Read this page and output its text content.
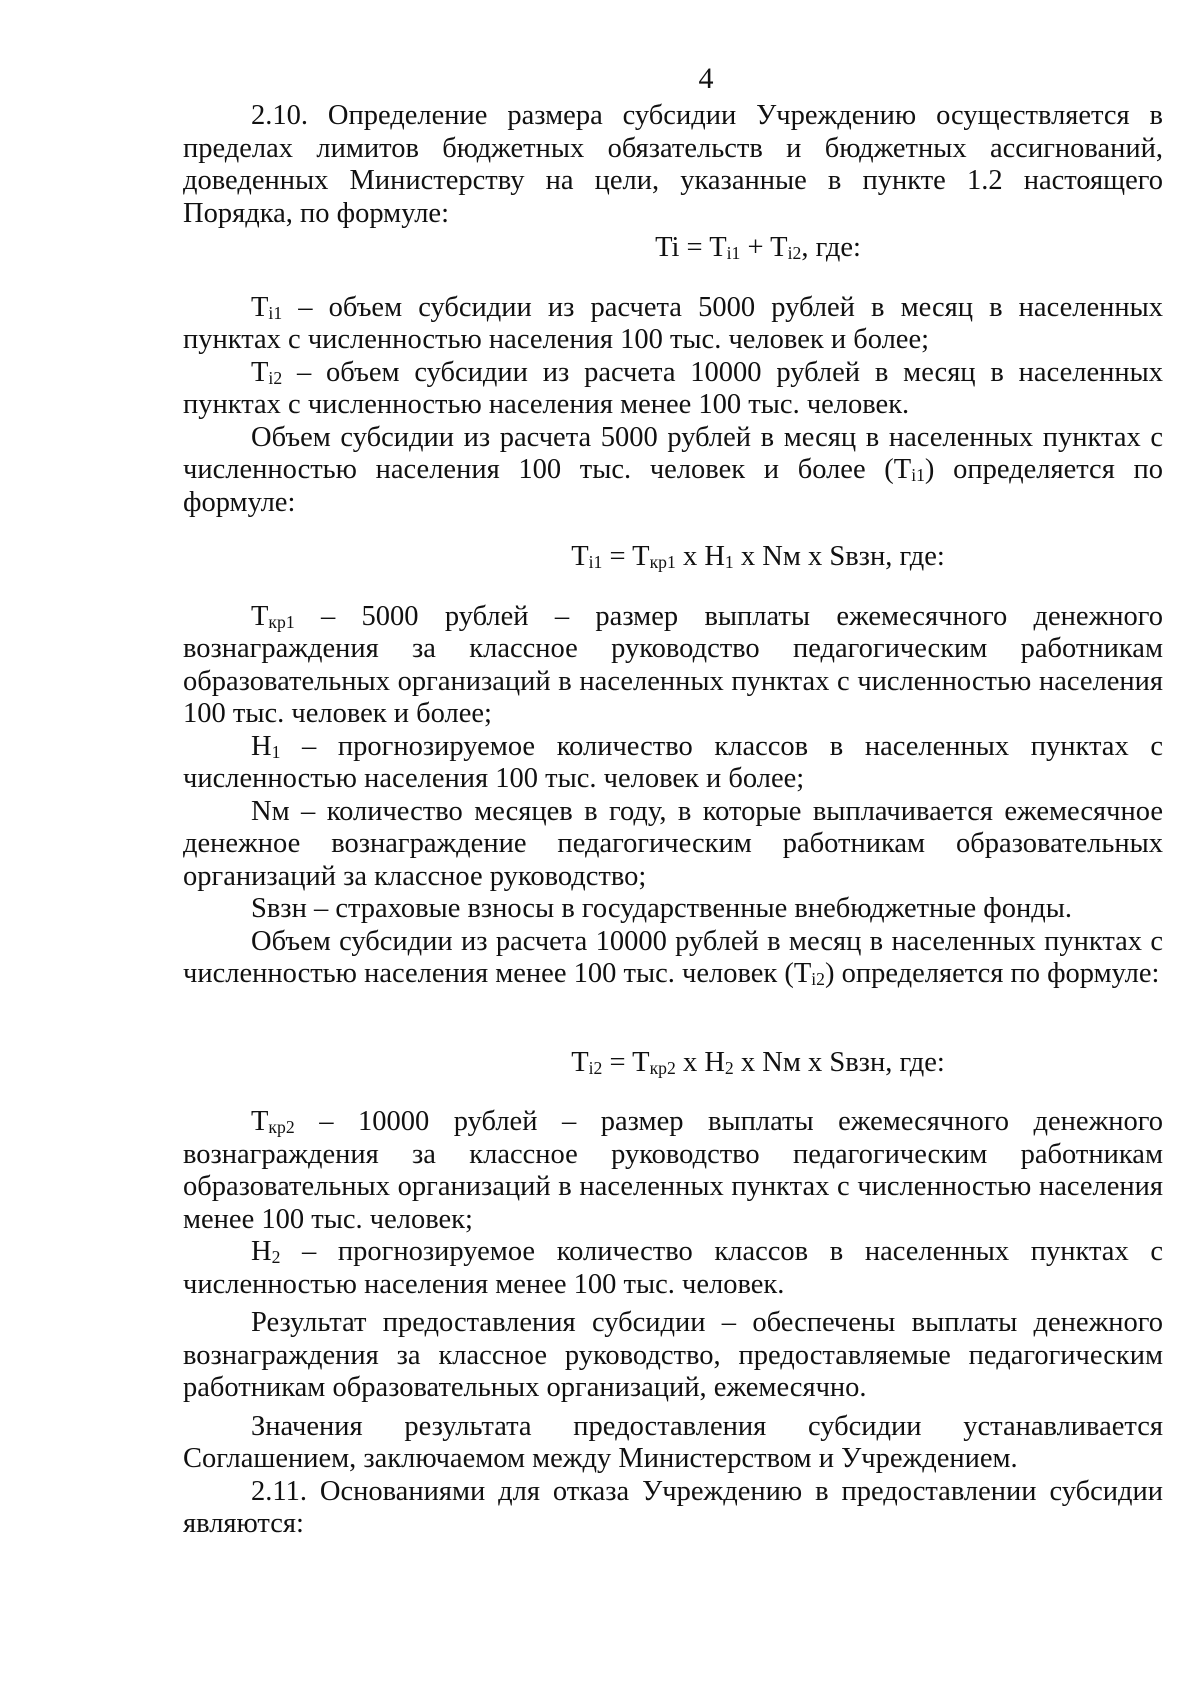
4

2.10. Определение размера субсидии Учреждению осуществляется в пределах лимитов бюджетных обязательств и бюджетных ассигнований, доведенных Министерству на цели, указанные в пункте 1.2 настоящего Порядка, по формуле:

$Ti = T_{i1} + T_{i2}$, где:

$T_{i1}$ – объем субсидии из расчета 5000 рублей в месяц в населенных пунктах с численностью населения 100 тыс. человек и более;

$T_{i2}$ – объем субсидии из расчета 10000 рублей в месяц в населенных пунктах с численностью населения менее 100 тыс. человек.

Объем субсидии из расчета 5000 рублей в месяц в населенных пунктах с численностью населения 100 тыс. человек и более $(T_{i1})$ определяется по формуле:

$T_{i1} = T_{кр1}$ x $H_1$ x Nм x Sвзн, где:

$T_{кр1} - 5000$ рублей – размер выплаты ежемесячного денежного вознаграждения за классное руководство педагогическим работникам образовательных организаций в населенных пунктах с численностью населения 100 тыс. человек и более;

$H_1$ – прогнозируемое количество классов в населенных пунктах с численностью населения 100 тыс. человек и более;

Nм – количество месяцев в году, в которые выплачивается ежемесячное денежное вознаграждение педагогическим работникам образовательных организаций за классное руководство;

Sвзн – страховые взносы в государственные внебюджетные фонды.

Объем субсидии из расчета 10000 рублей в месяц в населенных пунктах с численностью населения менее 100 тыс. человек $(T_{i2})$ определяется по формуле:

$T_{i2} = T_{кр2}$ x $H_2$ x Nм x Sвзн, где:

$T_{кр2} - 10000$ рублей – размер выплаты ежемесячного денежного вознаграждения за классное руководство педагогическим работникам образовательных организаций в населенных пунктах с численностью населения менее 100 тыс. человек;

$H_2$ – прогнозируемое количество классов в населенных пунктах с численностью населения менее 100 тыс. человек.

Результат предоставления субсидии – обеспечены выплаты денежного вознаграждения за классное руководство, предоставляемые педагогическим работникам образовательных организаций, ежемесячно.

Значения результата предоставления субсидии устанавливается Соглашением, заключаемом между Министерством и Учреждением.

2.11. Основаниями для отказа Учреждению в предоставлении субсидии являются:
